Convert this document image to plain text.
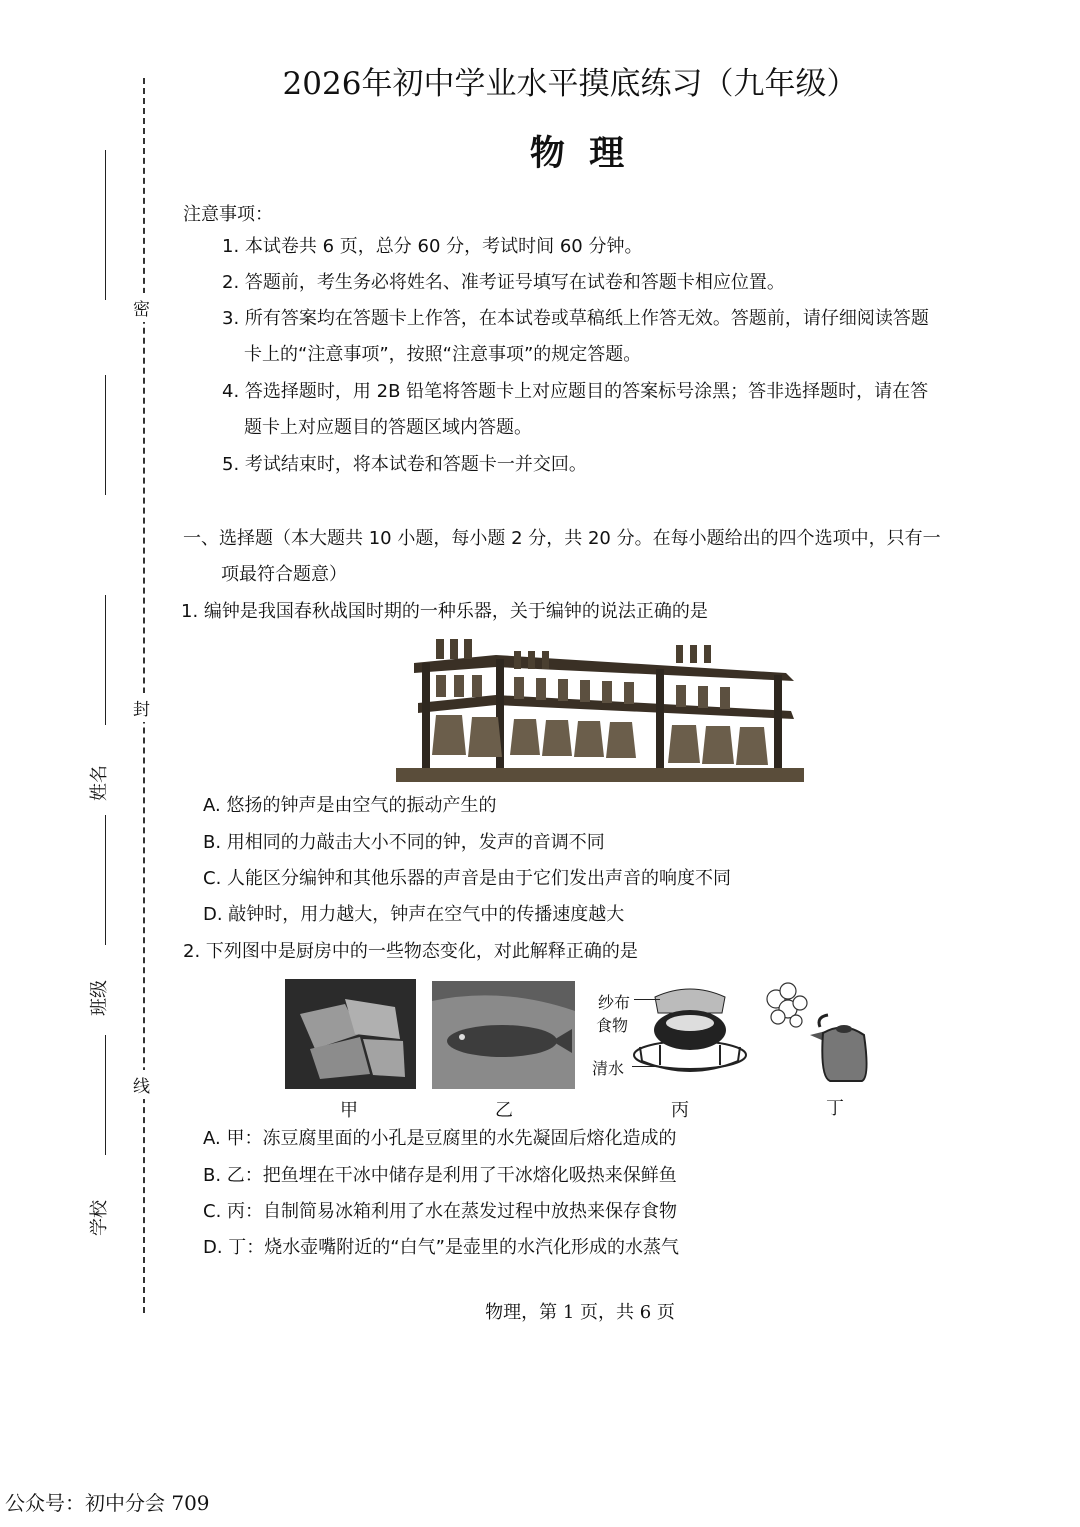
密
封
线
姓名
班级
学校
2026年初中学业水平摸底练习（九年级）
物 理
注意事项：
1. 本试卷共 6 页，总分 60 分，考试时间 60 分钟。
2. 答题前，考生务必将姓名、准考证号填写在试卷和答题卡相应位置。
3. 所有答案均在答题卡上作答，在本试卷或草稿纸上作答无效。答题前，请仔细阅读答题
卡上的“注意事项”，按照“注意事项”的规定答题。
4. 答选择题时，用 2B 铅笔将答题卡上对应题目的答案标号涂黑；答非选择题时，请在答
题卡上对应题目的答题区域内答题。
5. 考试结束时，将本试卷和答题卡一并交回。
一、选择题（本大题共 10 小题，每小题 2 分，共 20 分。在每小题给出的四个选项中，只有一
项最符合题意）
1. 编钟是我国春秋战国时期的一种乐器，关于编钟的说法正确的是
A. 悠扬的钟声是由空气的振动产生的
B. 用相同的力敲击大小不同的钟，发声的音调不同
C. 人能区分编钟和其他乐器的声音是由于它们发出声音的响度不同
D. 敲钟时，用力越大，钟声在空气中的传播速度越大
2. 下列图中是厨房中的一些物态变化，对此解释正确的是
纱布
食物
清水
甲	乙	丙	丁
A. 甲：冻豆腐里面的小孔是豆腐里的水先凝固后熔化造成的
B. 乙：把鱼埋在干冰中储存是利用了干冰熔化吸热来保鲜鱼
C. 丙：自制简易冰箱利用了水在蒸发过程中放热来保存食物
D. 丁：烧水壶嘴附近的“白气”是壶里的水汽化形成的水蒸气
物理，第 1 页，共 6 页
公众号：初中分会 709
